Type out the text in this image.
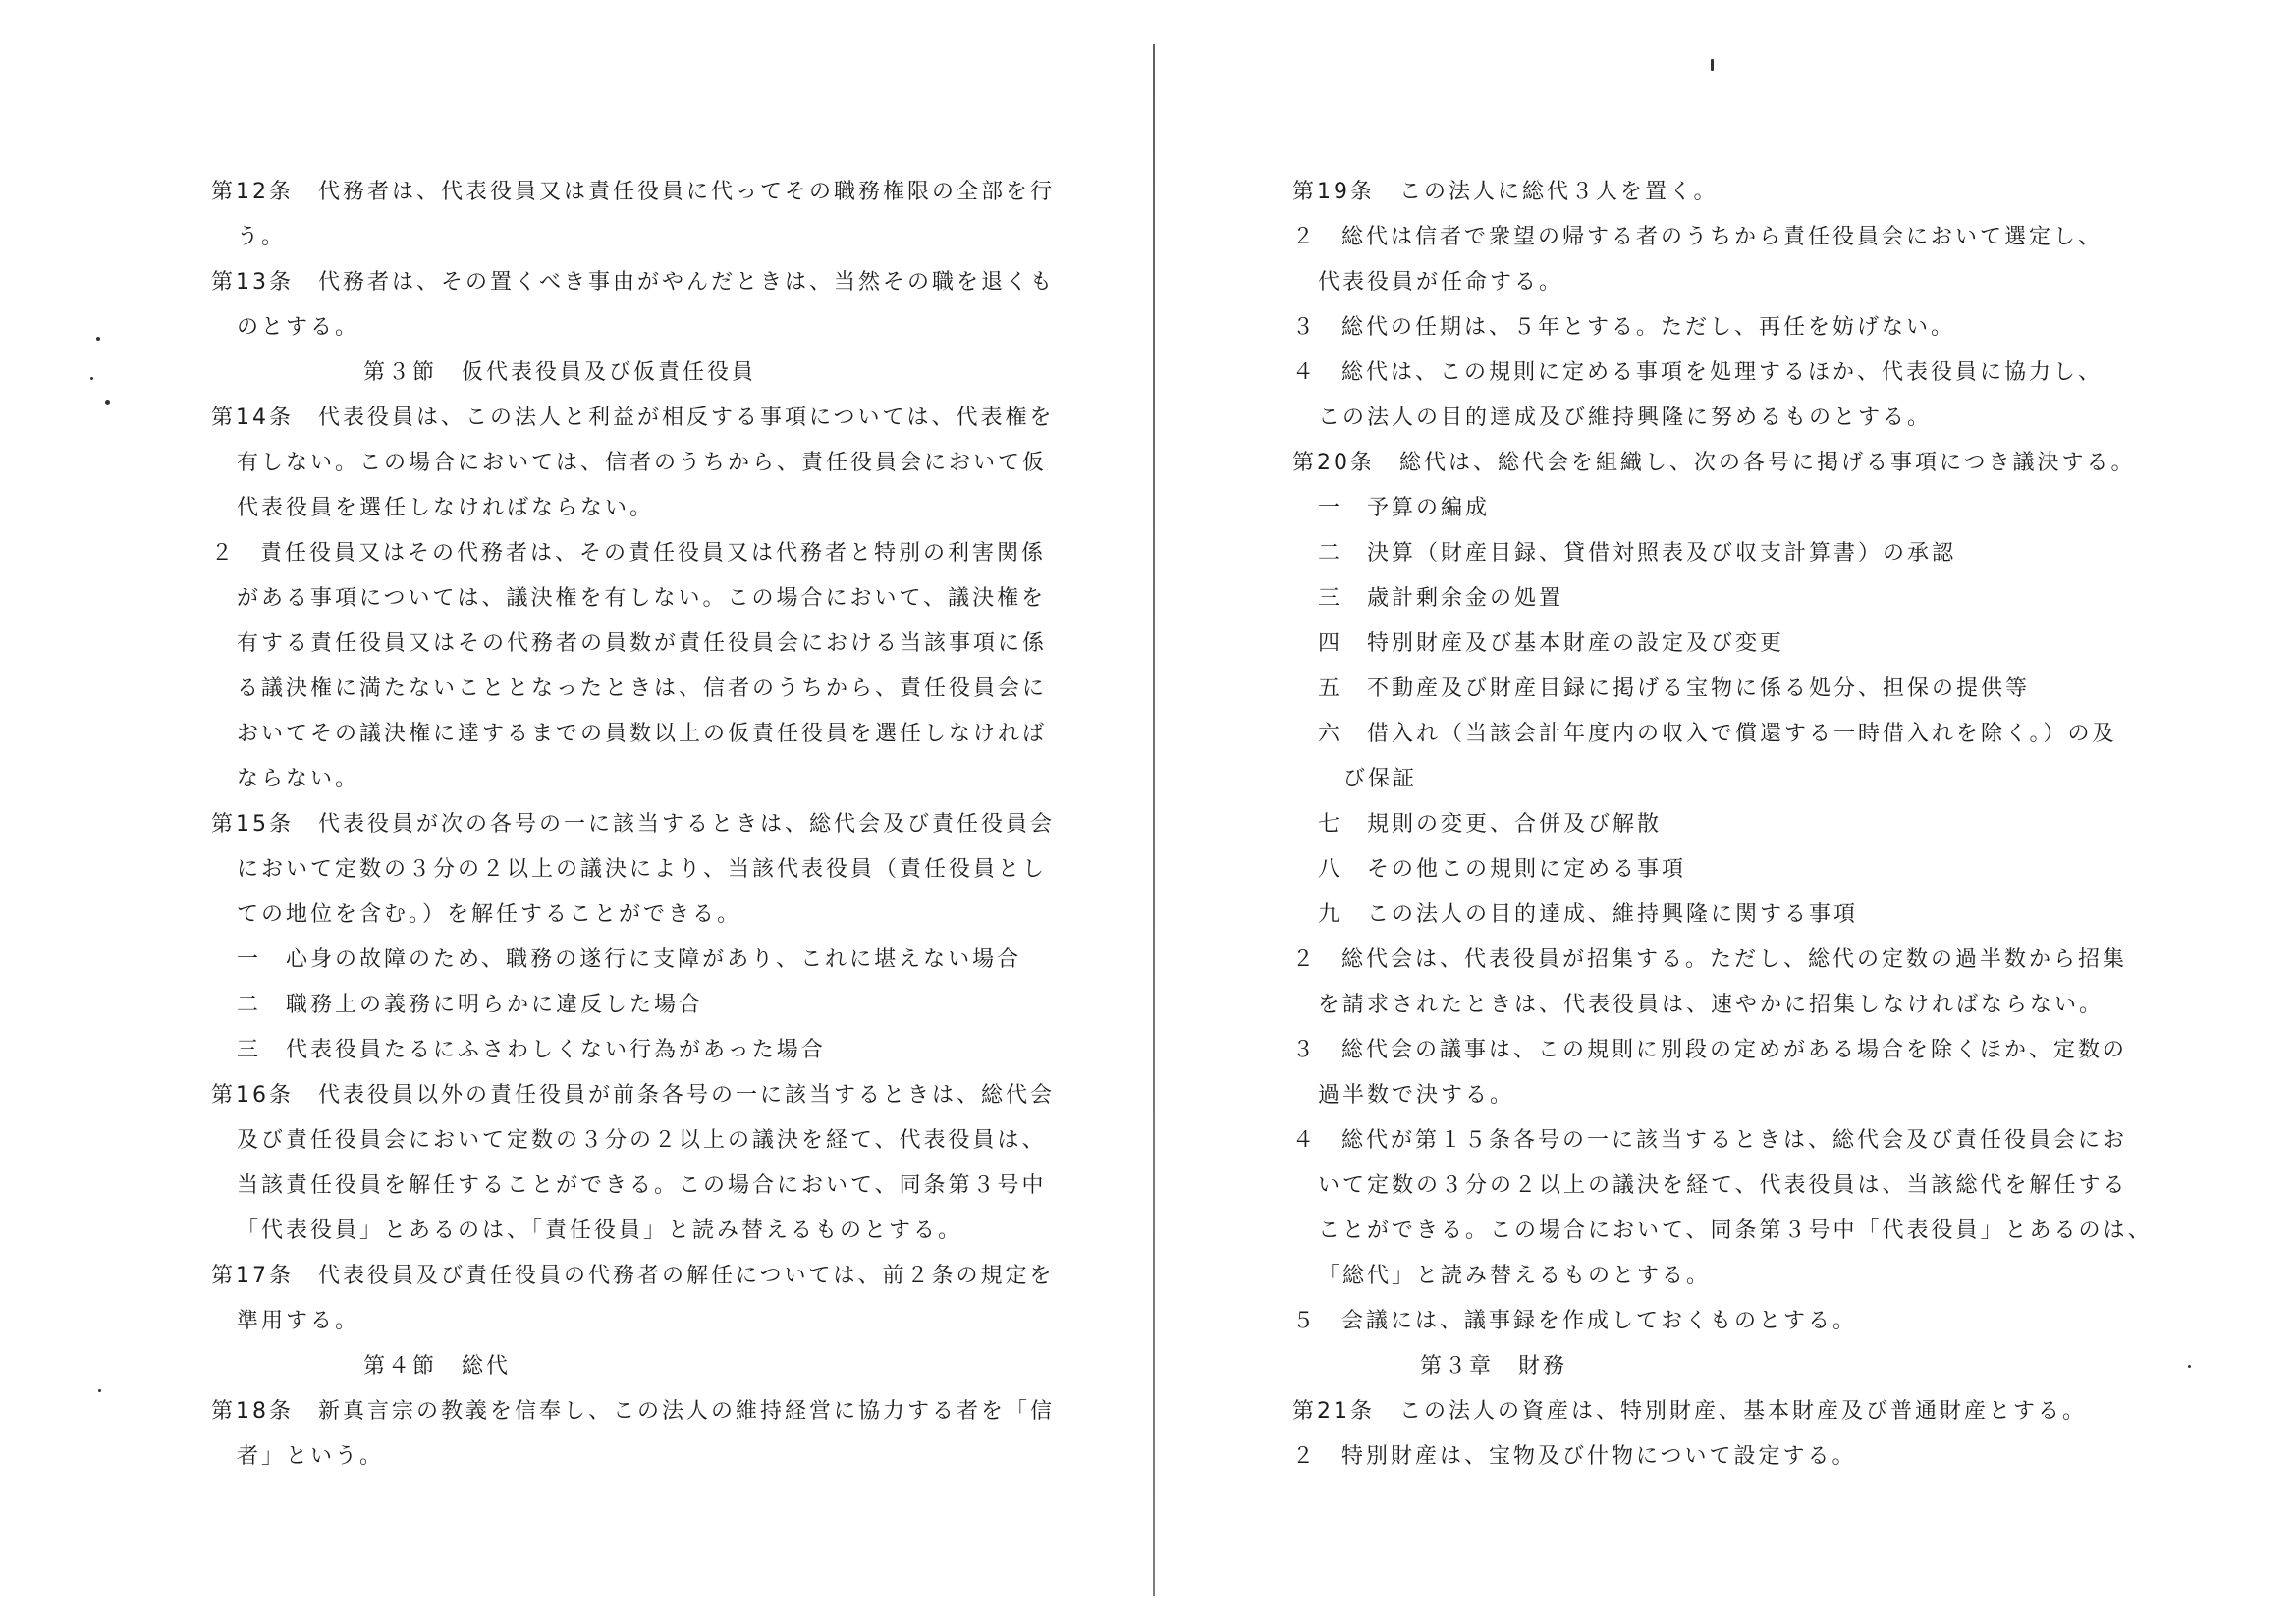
第12条　代務者は、代表役員又は責任役員に代ってその職務権限の全部を行
う。
第13条　代務者は、その置くべき事由がやんだときは、当然その職を退くも
のとする。
第３節　仮代表役員及び仮責任役員
第14条　代表役員は、この法人と利益が相反する事項については、代表権を
有しない。この場合においては、信者のうちから、責任役員会において仮
代表役員を選任しなければならない。
２　責任役員又はその代務者は、その責任役員又は代務者と特別の利害関係
がある事項については、議決権を有しない。この場合において、議決権を
有する責任役員又はその代務者の員数が責任役員会における当該事項に係
る議決権に満たないこととなったときは、信者のうちから、責任役員会に
おいてその議決権に達するまでの員数以上の仮責任役員を選任しなければ
ならない。
第15条　代表役員が次の各号の一に該当するときは、総代会及び責任役員会
において定数の３分の２以上の議決により、当該代表役員（責任役員とし
ての地位を含む。）を解任することができる。
一　心身の故障のため、職務の遂行に支障があり、これに堪えない場合
二　職務上の義務に明らかに違反した場合
三　代表役員たるにふさわしくない行為があった場合
第16条　代表役員以外の責任役員が前条各号の一に該当するときは、総代会
及び責任役員会において定数の３分の２以上の議決を経て、代表役員は、
当該責任役員を解任することができる。この場合において、同条第３号中
「代表役員」とあるのは、「責任役員」と読み替えるものとする。
第17条　代表役員及び責任役員の代務者の解任については、前２条の規定を
準用する。
第４節　総代
第18条　新真言宗の教義を信奉し、この法人の維持経営に協力する者を「信
者」という。
第19条　この法人に総代３人を置く。
２　総代は信者で衆望の帰する者のうちから責任役員会において選定し、
代表役員が任命する。
３　総代の任期は、５年とする。ただし、再任を妨げない。
４　総代は、この規則に定める事項を処理するほか、代表役員に協力し、
この法人の目的達成及び維持興隆に努めるものとする。
第20条　総代は、総代会を組織し、次の各号に掲げる事項につき議決する。
一　予算の編成
二　決算（財産目録、貸借対照表及び収支計算書）の承認
三　歳計剰余金の処置
四　特別財産及び基本財産の設定及び変更
五　不動産及び財産目録に掲げる宝物に係る処分、担保の提供等
六　借入れ（当該会計年度内の収入で償還する一時借入れを除く。）の及
び保証
七　規則の変更、合併及び解散
八　その他この規則に定める事項
九　この法人の目的達成、維持興隆に関する事項
２　総代会は、代表役員が招集する。ただし、総代の定数の過半数から招集
を請求されたときは、代表役員は、速やかに招集しなければならない。
３　総代会の議事は、この規則に別段の定めがある場合を除くほか、定数の
過半数で決する。
４　総代が第１５条各号の一に該当するときは、総代会及び責任役員会にお
いて定数の３分の２以上の議決を経て、代表役員は、当該総代を解任する
ことができる。この場合において、同条第３号中「代表役員」とあるのは、
「総代」と読み替えるものとする。
５　会議には、議事録を作成しておくものとする。
第３章　財務
第21条　この法人の資産は、特別財産、基本財産及び普通財産とする。
２　特別財産は、宝物及び什物について設定する。
